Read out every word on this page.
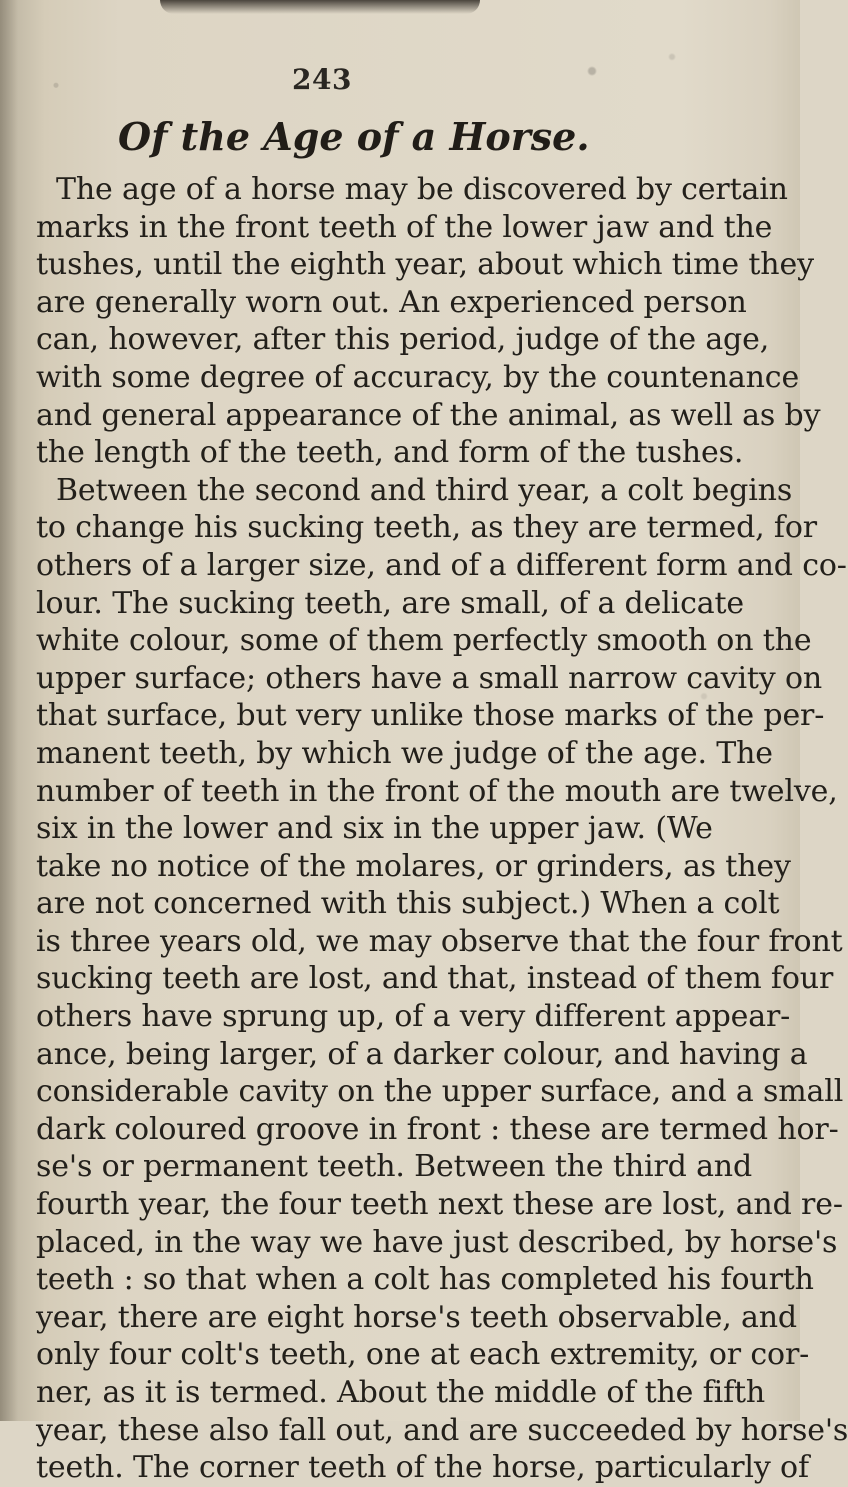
243
Of the Age of a Horse.
The age of a horse may be discovered by certain
marks in the front teeth of the lower jaw and the
tushes, until the eighth year, about which time they
are generally worn out. An experienced person
can, however, after this period, judge of the age,
with some degree of accuracy, by the countenance
and general appearance of the animal, as well as by
the length of the teeth, and form of the tushes.
Between the second and third year, a colt begins
to change his sucking teeth, as they are termed, for
others of a larger size, and of a different form and co-
lour. The sucking teeth, are small, of a delicate
white colour, some of them perfectly smooth on the
upper surface; others have a small narrow cavity on
that surface, but very unlike those marks of the per-
manent teeth, by which we judge of the age. The
number of teeth in the front of the mouth are twelve,
six in the lower and six in the upper jaw. (We
take no notice of the molares, or grinders, as they
are not concerned with this subject.) When a colt
is three years old, we may observe that the four front
sucking teeth are lost, and that, instead of them four
others have sprung up, of a very different appear-
ance, being larger, of a darker colour, and having a
considerable cavity on the upper surface, and a small
dark coloured groove in front : these are termed hor-
se's or permanent teeth. Between the third and
fourth year, the four teeth next these are lost, and re-
placed, in the way we have just described, by horse's
teeth : so that when a colt has completed his fourth
year, there are eight horse's teeth observable, and
only four colt's teeth, one at each extremity, or cor-
ner, as it is termed. About the middle of the fifth
year, these also fall out, and are succeeded by horse's
teeth. The corner teeth of the horse, particularly of
